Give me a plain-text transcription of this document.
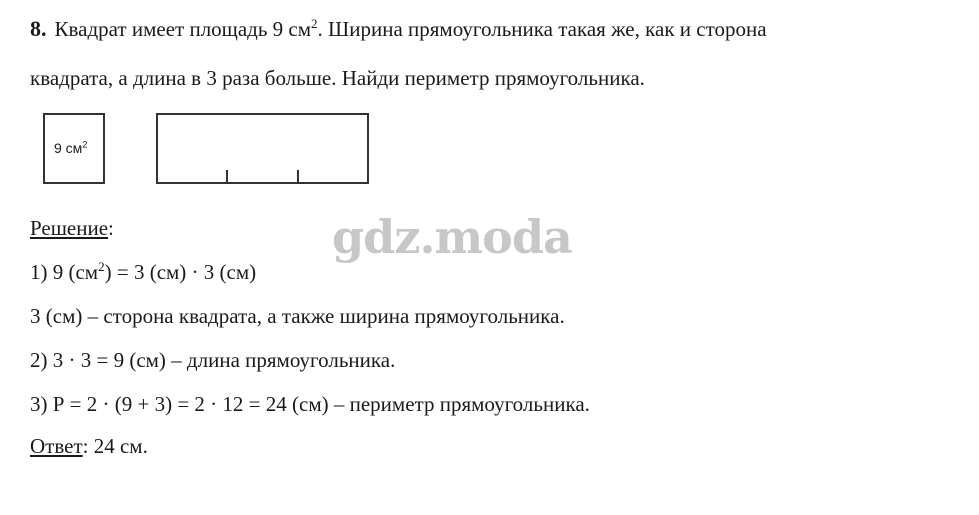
8. Квадрат имеет площадь 9 $см^2$. Ширина прямоугольника такая же, как и сторона
квадрата, а длина в 3 раза больше. Найди периметр прямоугольника.
9 $см^2$
gdz.moda
Решение:
1) 9 $(см^2) = 3$ (см) · 3 (см)
3 (см) – сторона квадрата, а также ширина прямоугольника.
2) 3 · 3 = 9 (см) – длина прямоугольника.
3) Р = 2 · (9 + 3) = 2 · 12 = 24 (см) – периметр прямоугольника.
Ответ: 24 см.
